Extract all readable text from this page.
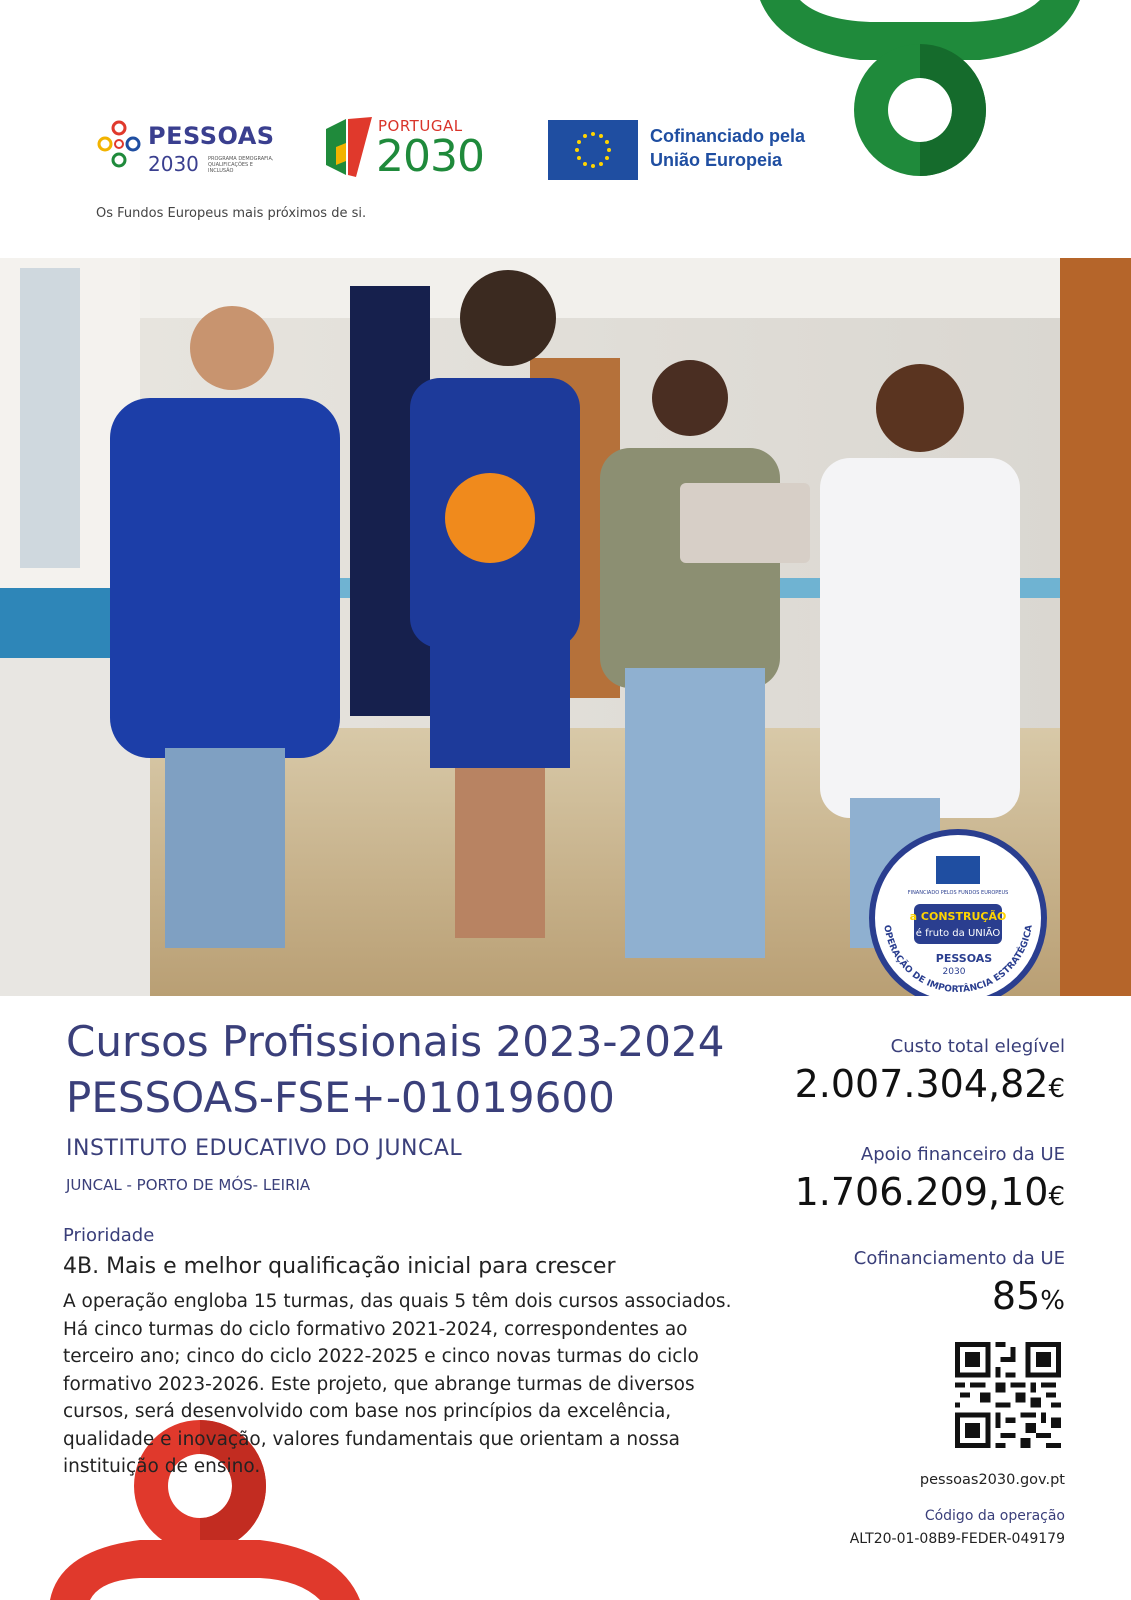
PESSOAS
2030 PROGRAMA DEMOGRAFIA, QUALIFICAÇÕES E INCLUSÃO
PORTUGAL
2030	Cofinanciado pela
União Europeia
Os Fundos Europeus mais próximos de si.
FINANCIADO PELOS FUNDOS EUROPEUS
a CONSTRUÇÃO
é fruto da UNIÃO
PESSOAS
2030
OPERAÇÃO DE IMPORTÂNCIA ESTRATÉGICA
Cursos Profissionais 2023-2024
PESSOAS-FSE+-01019600
INSTITUTO EDUCATIVO DO JUNCAL
JUNCAL - PORTO DE MÓS- LEIRIA
Prioridade
4B. Mais e melhor qualificação inicial para crescer
A operação engloba 15 turmas, das quais 5 têm dois cursos associados. Há cinco turmas do ciclo formativo 2021-2024, correspondentes ao terceiro ano; cinco do ciclo 2022-2025 e cinco novas turmas do ciclo formativo 2023-2026. Este projeto, que abrange turmas de diversos cursos, será desenvolvido com base nos princípios da excelência, qualidade e inovação, valores fundamentais que orientam a nossa instituição de ensino.
Custo total elegível
2.007.304,82€
Apoio financeiro da UE
1.706.209,10€
Cofinanciamento da UE
85%
pessoas2030.gov.pt
Código da operação
ALT20-01-08B9-FEDER-049179
